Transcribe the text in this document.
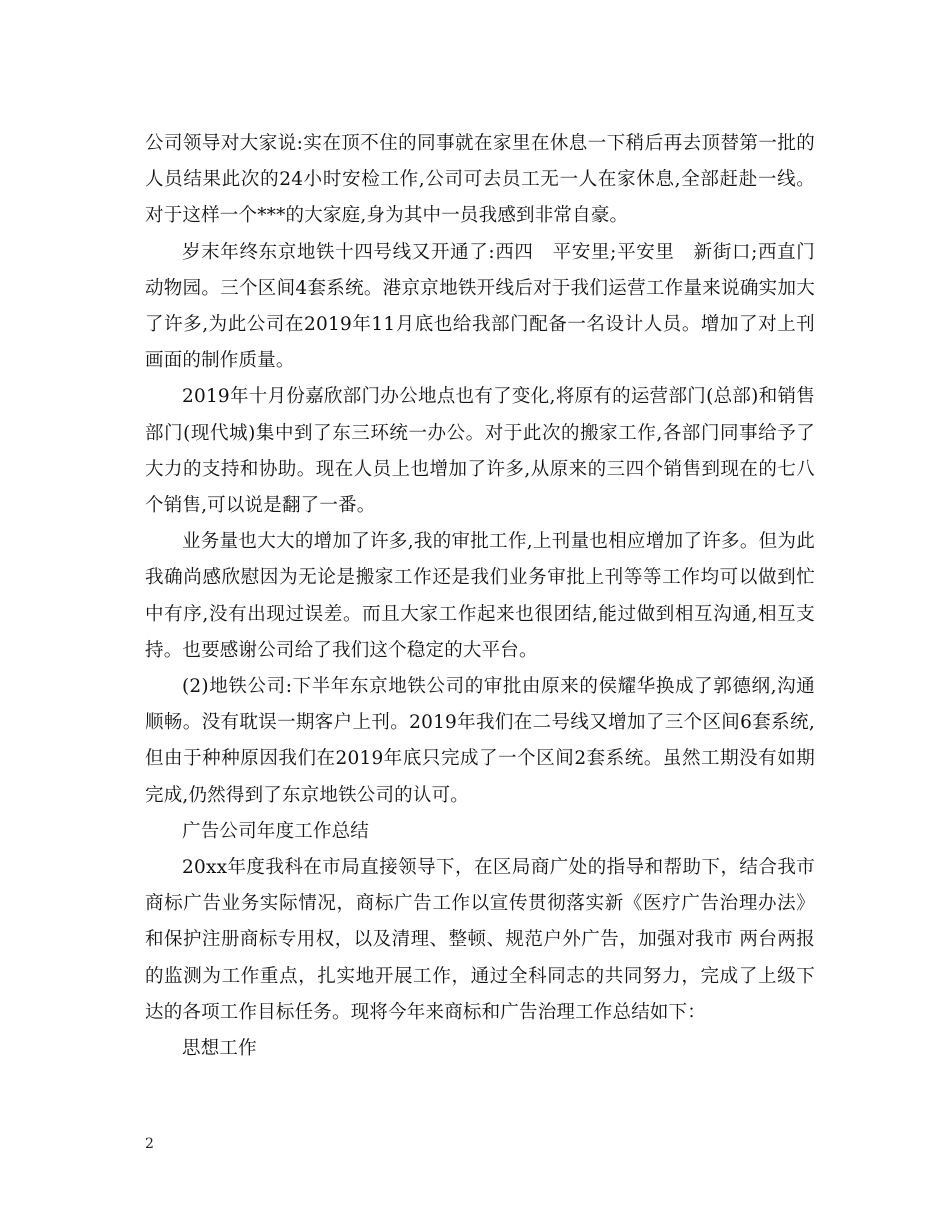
公司领导对大家说:实在顶不住的同事就在家里在休息一下稍后再去顶替第一批的人员结果此次的24小时安检工作,公司可去员工无一人在家休息,全部赶赴一线。对于这样一个***的大家庭,身为其中一员我感到非常自豪。

岁末年终东京地铁十四号线又开通了:西四　平安里;平安里　新街口;西直门　动物园。三个区间4套系统。港京京地铁开线后对于我们运营工作量来说确实加大了许多,为此公司在2019年11月底也给我部门配备一名设计人员。增加了对上刊画面的制作质量。

2019年十月份嘉欣部门办公地点也有了变化,将原有的运营部门(总部)和销售部门(现代城)集中到了东三环统一办公。对于此次的搬家工作,各部门同事给予了大力的支持和协助。现在人员上也增加了许多,从原来的三四个销售到现在的七八个销售,可以说是翻了一番。

业务量也大大的增加了许多,我的审批工作,上刊量也相应增加了许多。但为此我确尚感欣慰因为无论是搬家工作还是我们业务审批上刊等等工作均可以做到忙中有序,没有出现过误差。而且大家工作起来也很团结,能过做到相互沟通,相互支持。也要感谢公司给了我们这个稳定的大平台。

(2)地铁公司:下半年东京地铁公司的审批由原来的侯耀华换成了郭德纲,沟通顺畅。没有耽误一期客户上刊。2019年我们在二号线又增加了三个区间6套系统,但由于种种原因我们在2019年底只完成了一个区间2套系统。虽然工期没有如期完成,仍然得到了东京地铁公司的认可。

广告公司年度工作总结

20xx年度我科在市局直接领导下，在区局商广处的指导和帮助下，结合我市商标广告业务实际情况，商标广告工作以宣传贯彻落实新《医疗广告治理办法》和保护注册商标专用权，以及清理、整顿、规范户外广告，加强对我市 两台两报的监测为工作重点，扎实地开展工作，通过全科同志的共同努力，完成了上级下达的各项工作目标任务。现将今年来商标和广告治理工作总结如下：

思想工作

2
